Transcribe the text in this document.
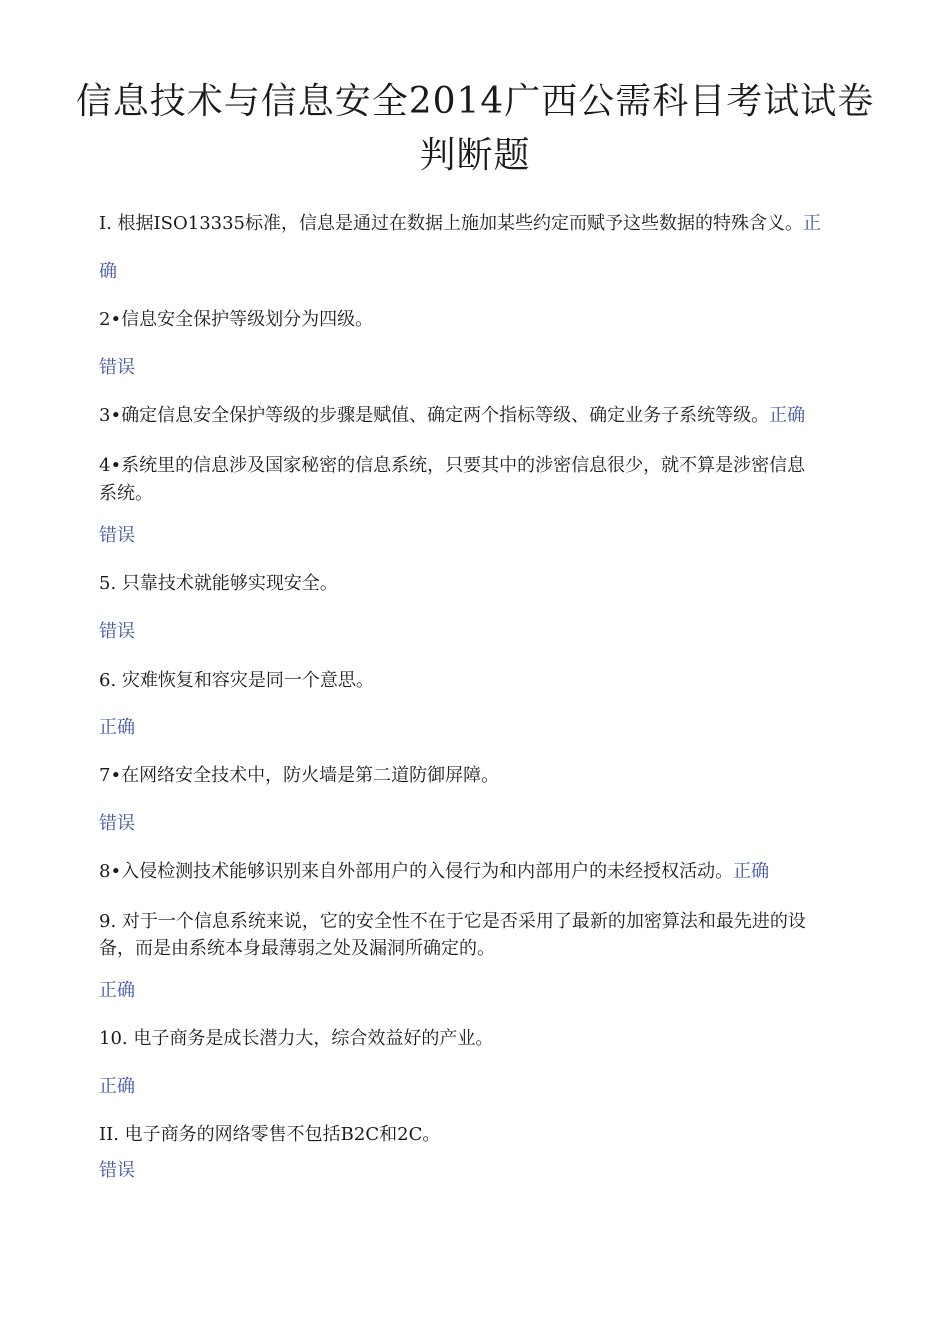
信息技术与信息安全2014广西公需科目考试试卷
判断题

I. 根据ISO13335标准，信息是通过在数据上施加某些约定而赋予这些数据的特殊含义。正

确

2•信息安全保护等级划分为四级。

错误

3•确定信息安全保护等级的步骤是赋值、确定两个指标等级、确定业务子系统等级。正确

4•系统里的信息涉及国家秘密的信息系统，只要其中的涉密信息很少，就不算是涉密信息

系统。

错误

5. 只靠技术就能够实现安全。

错误

6. 灾难恢复和容灾是同一个意思。

正确

7•在网络安全技术中，防火墙是第二道防御屏障。

错误

8•入侵检测技术能够识别来自外部用户的入侵行为和内部用户的未经授权活动。正确

9. 对于一个信息系统来说，它的安全性不在于它是否采用了最新的加密算法和最先进的设

备，而是由系统本身最薄弱之处及漏洞所确定的。

正确

10. 电子商务是成长潜力大，综合效益好的产业。

正确

II. 电子商务的网络零售不包括B2C和2C。

错误
